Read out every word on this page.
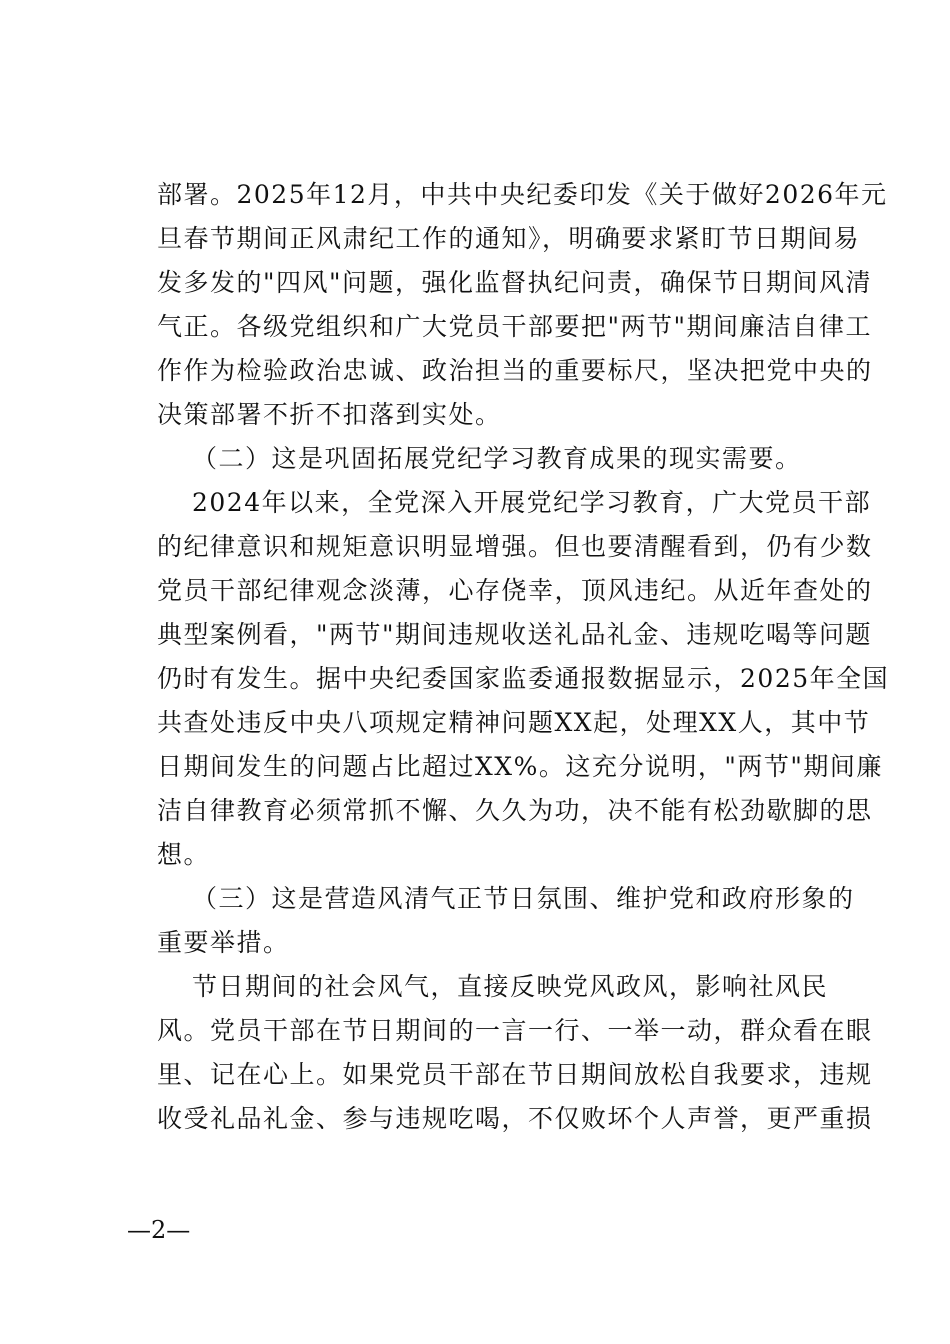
部署。2025年12月，中共中央纪委印发《关于做好2026年元
旦春节期间正风肃纪工作的通知》，明确要求紧盯节日期间易
发多发的"四风"问题，强化监督执纪问责，确保节日期间风清
气正。各级党组织和广大党员干部要把"两节"期间廉洁自律工
作作为检验政治忠诚、政治担当的重要标尺，坚决把党中央的
决策部署不折不扣落到实处。
（二）这是巩固拓展党纪学习教育成果的现实需要。
2024年以来，全党深入开展党纪学习教育，广大党员干部
的纪律意识和规矩意识明显增强。但也要清醒看到，仍有少数
党员干部纪律观念淡薄，心存侥幸，顶风违纪。从近年查处的
典型案例看，"两节"期间违规收送礼品礼金、违规吃喝等问题
仍时有发生。据中央纪委国家监委通报数据显示，2025年全国
共查处违反中央八项规定精神问题XX起，处理XX人，其中节
日期间发生的问题占比超过XX%。这充分说明，"两节"期间廉
洁自律教育必须常抓不懈、久久为功，决不能有松劲歇脚的思
想。
（三）这是营造风清气正节日氛围、维护党和政府形象的
重要举措。
节日期间的社会风气，直接反映党风政风，影响社风民
风。党员干部在节日期间的一言一行、一举一动，群众看在眼
里、记在心上。如果党员干部在节日期间放松自我要求，违规
收受礼品礼金、参与违规吃喝，不仅败坏个人声誉，更严重损
—2—
